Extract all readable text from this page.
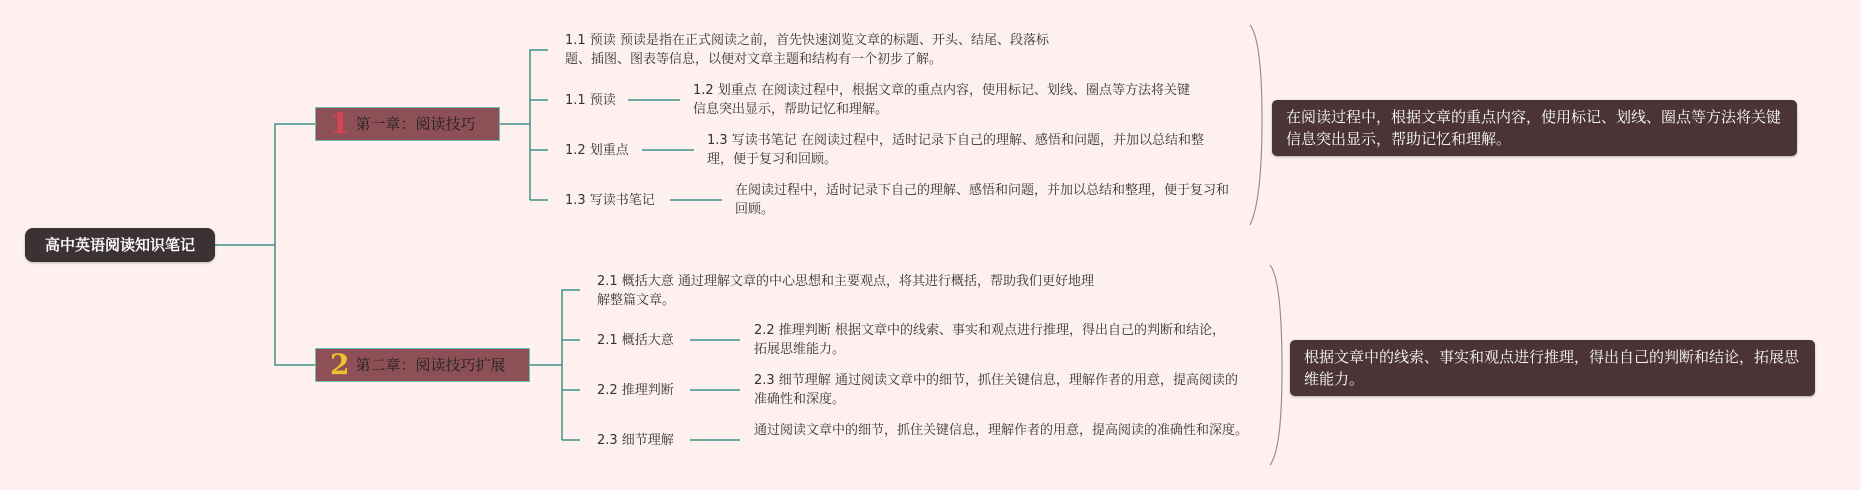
高中英语阅读知识笔记
1 第一章：阅读技巧
1.1 预读 预读是指在正式阅读之前，首先快速浏览文章的标题、开头、结尾、段落标题、插图、图表等信息，以便对文章主题和结构有一个初步了解。
1.1 预读
1.2 划重点 在阅读过程中，根据文章的重点内容，使用标记、划线、圈点等方法将关键信息突出显示，帮助记忆和理解。
1.2 划重点
1.3 写读书笔记 在阅读过程中，适时记录下自己的理解、感悟和问题，并加以总结和整理，便于复习和回顾。
1.3 写读书笔记
在阅读过程中，适时记录下自己的理解、感悟和问题，并加以总结和整理，便于复习和回顾。
在阅读过程中，根据文章的重点内容，使用标记、划线、圈点等方法将关键信息突出显示，帮助记忆和理解。
2 第二章：阅读技巧扩展
2.1 概括大意 通过理解文章的中心思想和主要观点，将其进行概括，帮助我们更好地理解整篇文章。
2.1 概括大意
2.2 推理判断 根据文章中的线索、事实和观点进行推理，得出自己的判断和结论，拓展思维能力。
2.2 推理判断
2.3 细节理解 通过阅读文章中的细节，抓住关键信息，理解作者的用意，提高阅读的准确性和深度。
2.3 细节理解
通过阅读文章中的细节，抓住关键信息，理解作者的用意，提高阅读的准确性和深度。
根据文章中的线索、事实和观点进行推理，得出自己的判断和结论，拓展思维能力。
